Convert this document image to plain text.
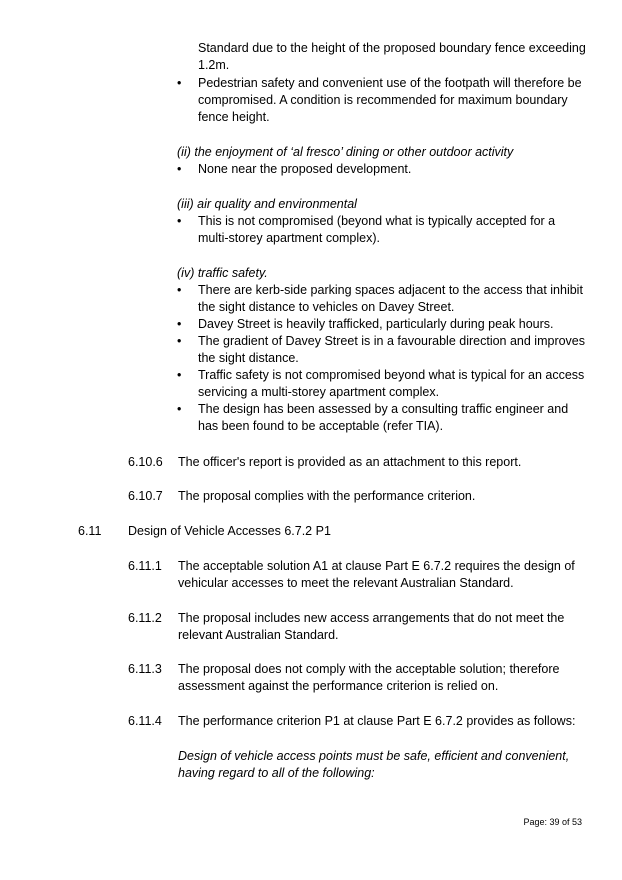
Standard due to the height of the proposed boundary fence exceeding
1.2m.
• Pedestrian safety and convenient use of the footpath will therefore be
compromised. A condition is recommended for maximum boundary
fence height.
(ii) the enjoyment of ‘al fresco’ dining or other outdoor activity
• None near the proposed development.
(iii) air quality and environmental
• This is not compromised (beyond what is typically accepted for a
multi-storey apartment complex).
(iv) traffic safety.
• There are kerb-side parking spaces adjacent to the access that inhibit
the sight distance to vehicles on Davey Street.
• Davey Street is heavily trafficked, particularly during peak hours.
• The gradient of Davey Street is in a favourable direction and improves
the sight distance.
• Traffic safety is not compromised beyond what is typical for an access
servicing a multi-storey apartment complex.
• The design has been assessed by a consulting traffic engineer and
has been found to be acceptable (refer TIA).
6.10.6 The officer's report is provided as an attachment to this report.
6.10.7 The proposal complies with the performance criterion.
6.11 Design of Vehicle Accesses 6.7.2 P1
6.11.1 The acceptable solution A1 at clause Part E 6.7.2 requires the design of
vehicular accesses to meet the relevant Australian Standard.
6.11.2 The proposal includes new access arrangements that do not meet the
relevant Australian Standard.
6.11.3 The proposal does not comply with the acceptable solution; therefore
assessment against the performance criterion is relied on.
6.11.4 The performance criterion P1 at clause Part E 6.7.2 provides as follows:
Design of vehicle access points must be safe, efficient and convenient,
having regard to all of the following:
Page: 39 of 53
